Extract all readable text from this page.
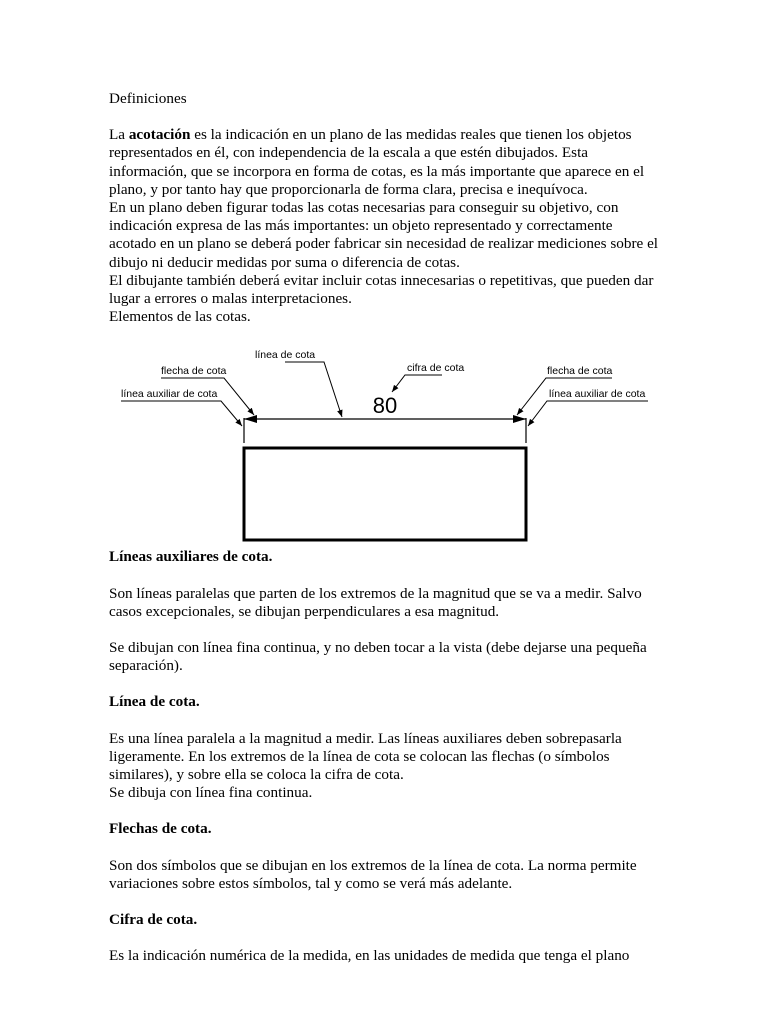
Definiciones

La acotación es la indicación en un plano de las medidas reales que tienen los objetos representados en él, con independencia de la escala a que estén dibujados. Esta información, que se incorpora en forma de cotas, es la más importante que aparece en el plano, y por tanto hay que proporcionarla de forma clara, precisa e inequívoca.

En un plano deben figurar todas las cotas necesarias para conseguir su objetivo, con indicación expresa de las más importantes: un objeto representado y correctamente acotado en un plano se deberá poder fabricar sin necesidad de realizar mediciones sobre el dibujo ni deducir medidas por suma o diferencia de cotas.

El dibujante también deberá evitar incluir cotas innecesarias o repetitivas, que pueden dar lugar a errores o malas interpretaciones.

Elementos de las cotas.

80
línea de cota
cifra de cota
flecha de cota	flecha de cota
línea auxiliar de cota	línea auxiliar de cota

Líneas auxiliares de cota.

Son líneas paralelas que parten de los extremos de la magnitud que se va a medir. Salvo casos excepcionales, se dibujan perpendiculares a esa magnitud.

Se dibujan con línea fina continua, y no deben tocar a la vista (debe dejarse una pequeña separación).

Línea de cota.

Es una línea paralela a la magnitud a medir. Las líneas auxiliares deben sobrepasarla ligeramente. En los extremos de la línea de cota se colocan las flechas (o símbolos similares), y sobre ella se coloca la cifra de cota.

Se dibuja con línea fina continua.

Flechas de cota.

Son dos símbolos que se dibujan en los extremos de la línea de cota. La norma permite variaciones sobre estos símbolos, tal y como se verá más adelante.

Cifra de cota.

Es la indicación numérica de la medida, en las unidades de medida que tenga el plano
